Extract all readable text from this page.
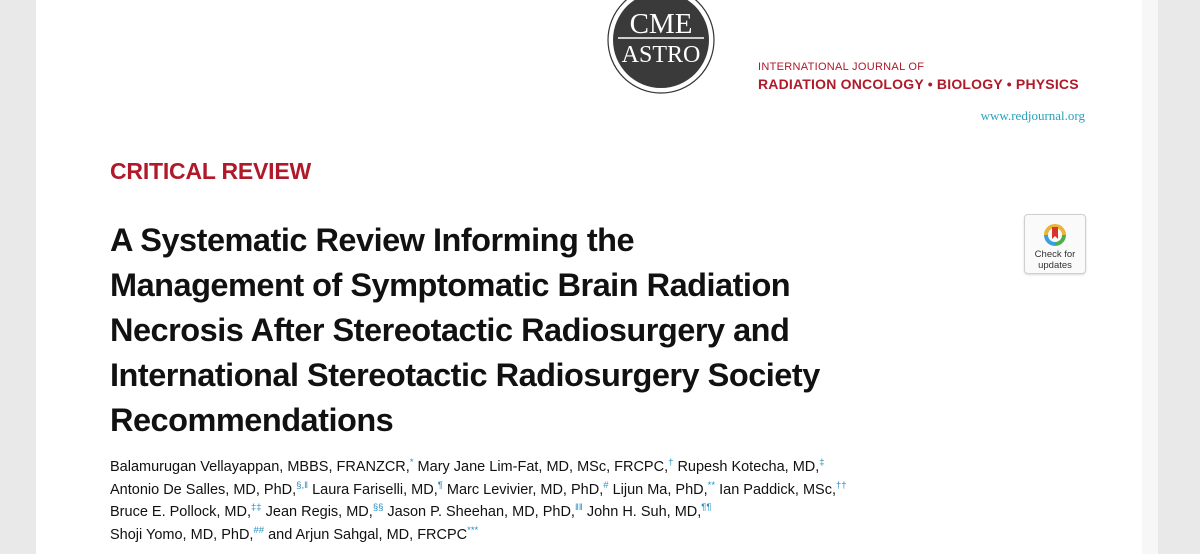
CME
ASTRO	INTERNATIONAL JOURNAL OF
RADIATION ONCOLOGY • BIOLOGY • PHYSICS
www.redjournal.org
CRITICAL REVIEW
A Systematic Review Informing the
Management of Symptomatic Brain Radiation
Necrosis After Stereotactic Radiosurgery and
International Stereotactic Radiosurgery Society
Recommendations
Check for
updates
Balamurugan Vellayappan, MBBS, FRANZCR,* Mary Jane Lim-Fat, MD, MSc, FRCPC,† Rupesh Kotecha, MD,‡
Antonio De Salles, MD, PhD,§,‖ Laura Fariselli, MD,¶ Marc Levivier, MD, PhD,# Lijun Ma, PhD,** Ian Paddick, MSc,††
Bruce E. Pollock, MD,‡‡ Jean Regis, MD,§§ Jason P. Sheehan, MD, PhD,‖‖ John H. Suh, MD,¶¶
Shoji Yomo, MD, PhD,## and Arjun Sahgal, MD, FRCPC***
